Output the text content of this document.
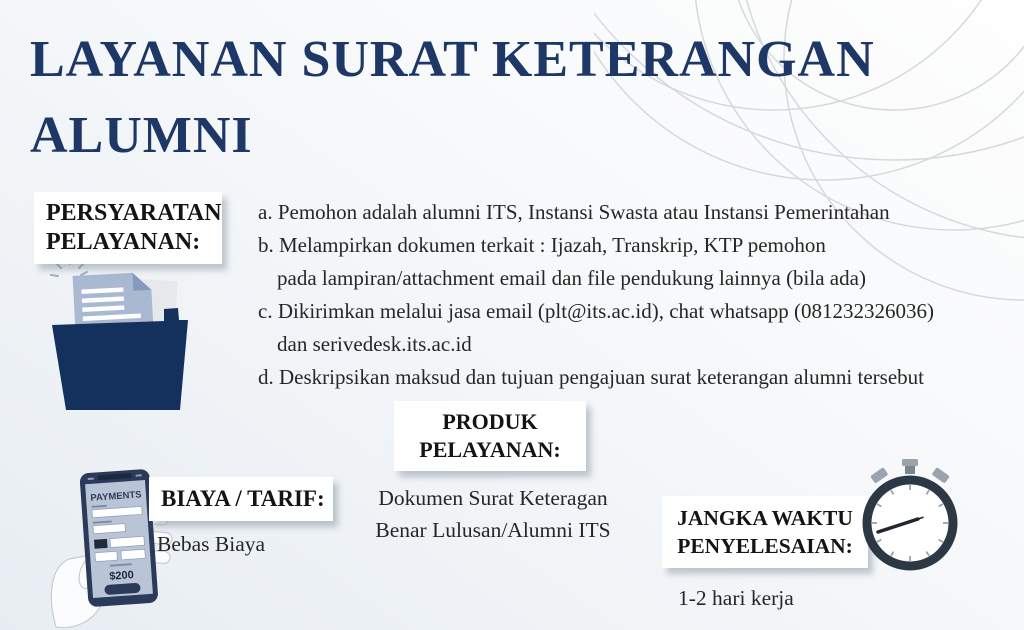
LAYANAN SURAT KETERANGAN
ALUMNI
PERSYARATAN
PELAYANAN:
a. Pemohon adalah alumni ITS, Instansi Swasta atau Instansi Pemerintahan
b. Melampirkan dokumen terkait : Ijazah, Transkrip, KTP pemohon
pada lampiran/attachment email dan file pendukung lainnya (bila ada)
c. Dikirimkan melalui jasa email (plt@its.ac.id), chat whatsapp (081232326036)
dan serivedesk.its.ac.id
d. Deskripsikan maksud dan tujuan pengajuan surat keterangan alumni tersebut
PRODUK
PELAYANAN:
Dokumen Surat Keteragan
Benar Lulusan/Alumni ITS
BIAYA / TARIF:
Bebas Biaya
PAYMENTS
$200
JANGKA WAKTU
PENYELESAIAN:
1-2 hari kerja
